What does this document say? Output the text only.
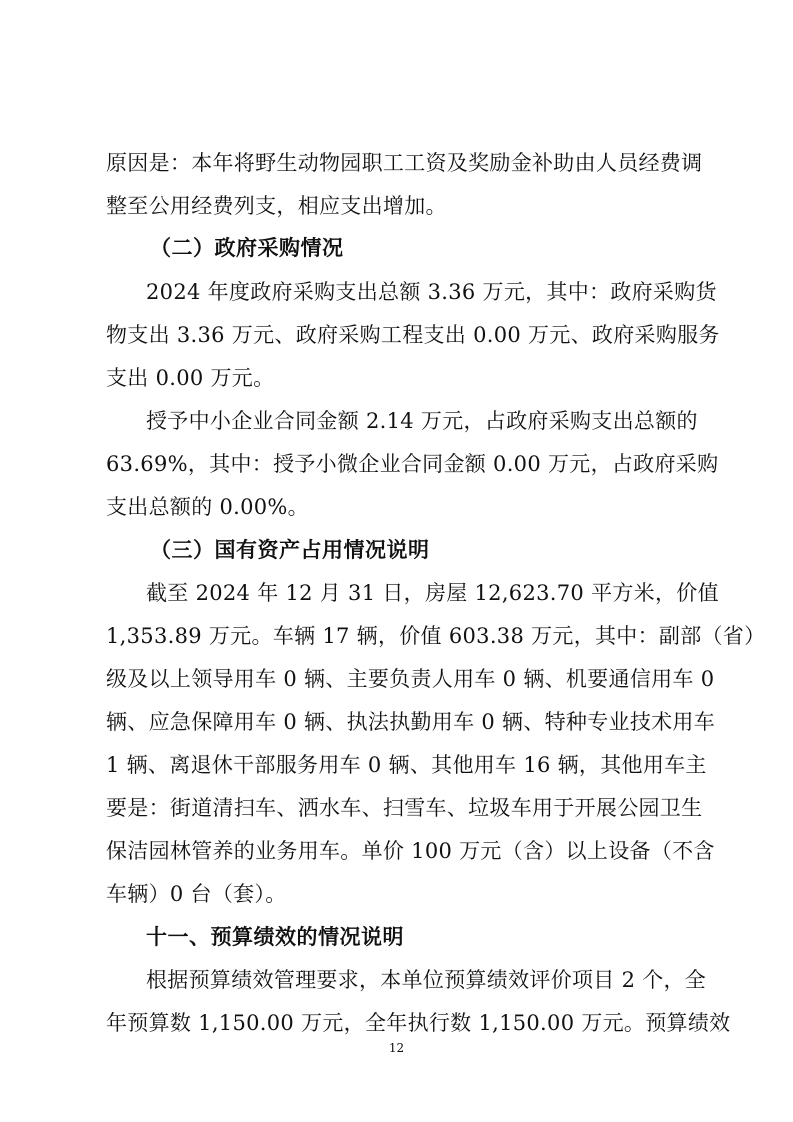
原因是：本年将野生动物园职工工资及奖励金补助由人员经费调
整至公用经费列支，相应支出增加。
（二）政府采购情况
2024 年度政府采购支出总额 3.36 万元，其中：政府采购货
物支出 3.36 万元、政府采购工程支出 0.00 万元、政府采购服务
支出 0.00 万元。
授予中小企业合同金额 2.14 万元，占政府采购支出总额的
63.69%，其中：授予小微企业合同金额 0.00 万元，占政府采购
支出总额的 0.00%。
（三）国有资产占用情况说明
截至 2024 年 12 月 31 日，房屋 12,623.70 平方米，价值
1,353.89 万元。车辆 17 辆，价值 603.38 万元，其中：副部（省）
级及以上领导用车 0 辆、主要负责人用车 0 辆、机要通信用车 0
辆、应急保障用车 0 辆、执法执勤用车 0 辆、特种专业技术用车
1 辆、离退休干部服务用车 0 辆、其他用车 16 辆，其他用车主
要是：街道清扫车、洒水车、扫雪车、垃圾车用于开展公园卫生
保洁园林管养的业务用车。单价 100 万元（含）以上设备（不含
车辆）0 台（套）。
十一、预算绩效的情况说明
根据预算绩效管理要求，本单位预算绩效评价项目 2 个，全
年预算数 1,150.00 万元，全年执行数 1,150.00 万元。预算绩效
12
